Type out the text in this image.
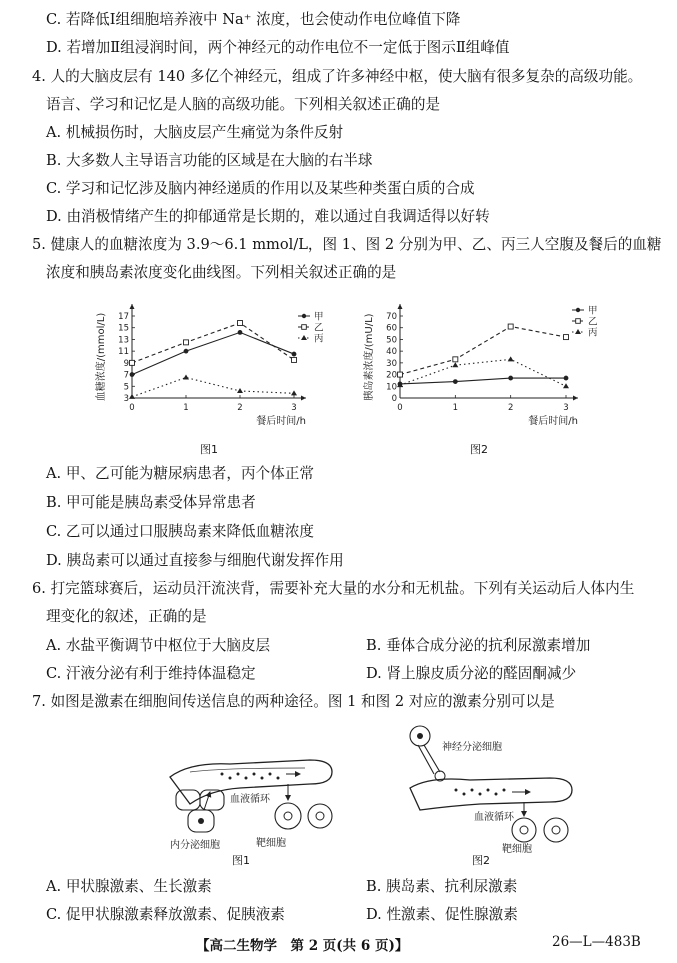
C. 若降低Ⅰ组细胞培养液中 Na⁺ 浓度，也会使动作电位峰值下降
D. 若增加Ⅱ组浸润时间，两个神经元的动作电位不一定低于图示Ⅱ组峰值
4. 人的大脑皮层有 140 多亿个神经元，组成了许多神经中枢，使大脑有很多复杂的高级功能。
语言、学习和记忆是人脑的高级功能。下列相关叙述正确的是
A. 机械损伤时，大脑皮层产生痛觉为条件反射
B. 大多数人主导语言功能的区域是在大脑的右半球
C. 学习和记忆涉及脑内神经递质的作用以及某些种类蛋白质的合成
D. 由消极情绪产生的抑郁通常是长期的，难以通过自我调适得以好转
5. 健康人的血糖浓度为 3.9～6.1 mmol/L，图 1、图 2 分别为甲、乙、丙三人空腹及餐后的血糖
浓度和胰岛素浓度变化曲线图。下列相关叙述正确的是
3
5
7
9
11
13
15
17
0	1	2	3
餐后时间/h
血糖浓度/(mmol/L)	甲
乙
丙
0
10
20
30
40
50
60
70
0	1	2	3
餐后时间/h
胰岛素浓度/(mU/L)
甲
乙
丙
图1	图2
A. 甲、乙可能为糖尿病患者，丙个体正常
B. 甲可能是胰岛素受体异常患者
C. 乙可以通过口服胰岛素来降低血糖浓度
D. 胰岛素可以通过直接参与细胞代谢发挥作用
6. 打完篮球赛后，运动员汗流浃背，需要补充大量的水分和无机盐。下列有关运动后人体内生
理变化的叙述，正确的是
A. 水盐平衡调节中枢位于大脑皮层	B. 垂体合成分泌的抗利尿激素增加
C. 汗液分泌有利于维持体温稳定	D. 肾上腺皮质分泌的醛固酮减少
7. 如图是激素在细胞间传送信息的两种途径。图 1 和图 2 对应的激素分别可以是
血液循环
内分泌细胞	靶细胞
图1
神经分泌细胞
血液循环
靶细胞
图2
A. 甲状腺激素、生长激素	B. 胰岛素、抗利尿激素
C. 促甲状腺激素释放激素、促胰液素	D. 性激素、促性腺激素
【高二生物学　第 2 页(共 6 页)】	26—L—483B
